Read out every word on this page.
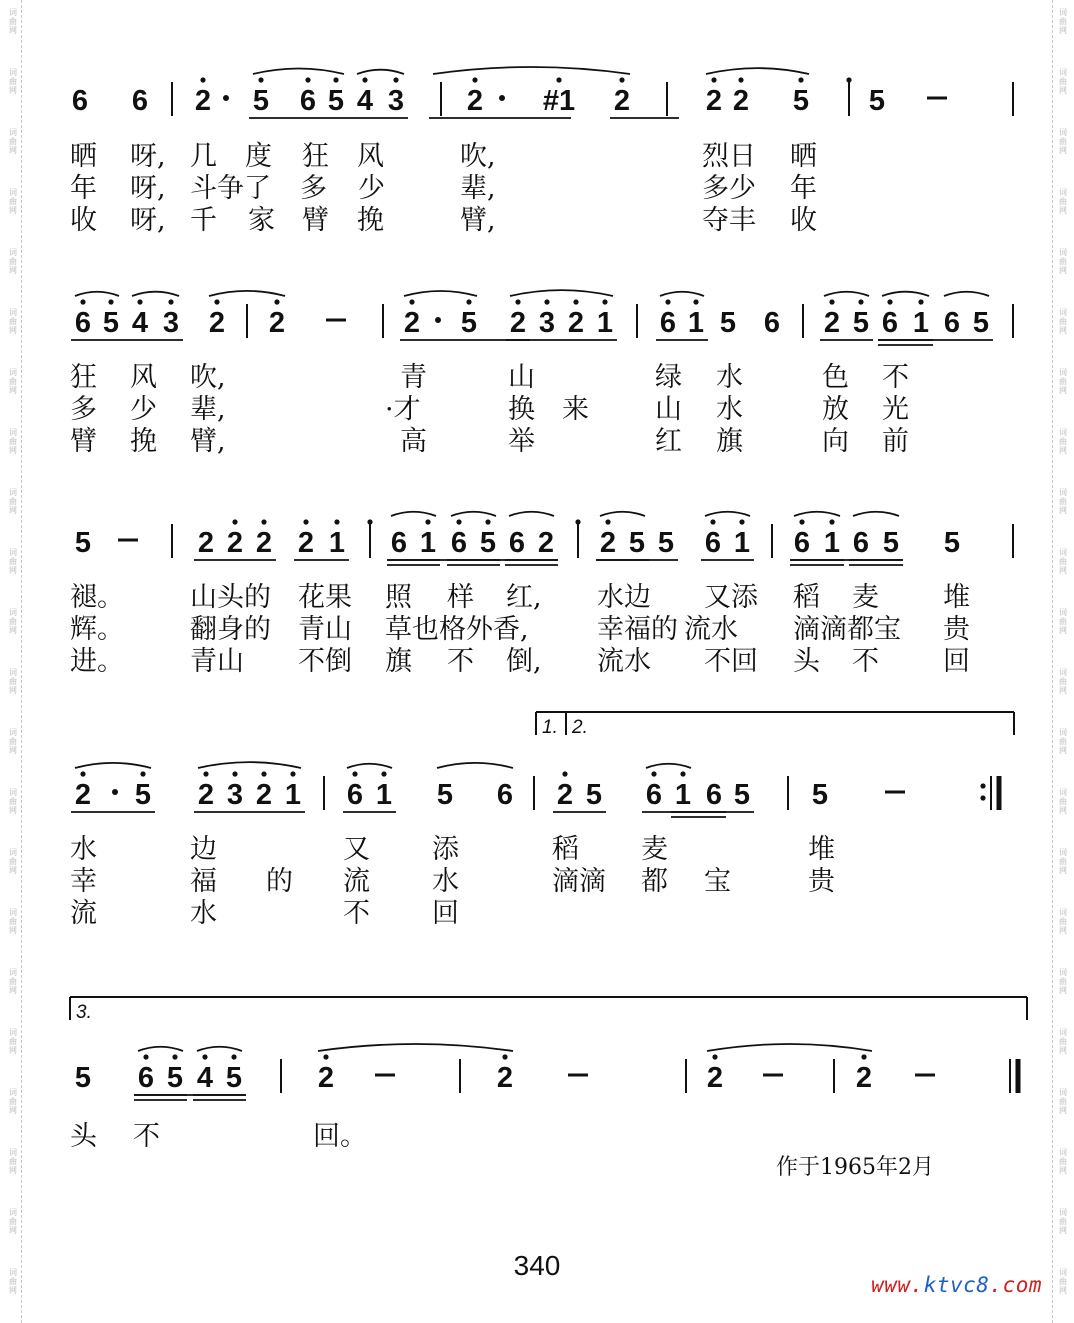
词
曲
网
词
曲
网
词
曲
网
词
曲
网
词
曲
网
词
曲
网
词
曲
网
词
曲
网
词
曲
网
词
曲
网
词
曲
网
词
曲
网
词
曲
网
词
曲
网
词
曲
网
词
曲
网
词
曲
网
词
曲
网
词
曲
网
词
曲
网
词
曲
网
词
曲
网
词
曲
网
词
曲
网
词
曲
网
词
曲
网
词
曲
网
词
曲
网
词
曲
网
词
曲
网
词
曲
网
词
曲
网
词
曲
网
词
曲
网
词
曲
网
词
曲
网
词
曲
网
词
曲
网
词
曲
网
词
曲
网
词
曲
网
词
曲
网
词
曲
网
词
曲
网
6 6 2 5 6 5 4 3 2 #1 2	2 2 5 5
6 5 4 3 2 2	2 5 2 3 2 1 6 1 5 6 2 5 6 1 6 5
5	2 2 2 2 1 6 1 6 5 6 2 2 5 5 6 1 6 1 6 5 5
2 5 2 3 2 1 6 1 5 6 2 5 6 1 6 5 5
5 6 5 4 5	2	2	2	2
1. 2.
3.
晒 呀, 几 度 狂 风	吹,	烈日 晒
年 呀, 斗争了 多 少	辈,	多少 年
收 呀, 千 家 臂 挽	臂,	夺丰 收
狂 风 吹,	青	山	绿 水	色 不
多 少 辈,	·才	换 来 山 水	放 光
臂 挽 臂,	高	举	红 旗	向 前
褪。 山头的 花果 照 样 红, 水边 又添 稻 麦 堆
辉。 翻身的 青山 草也格外香,	幸福的 流水 滴滴都宝 贵
进。 青山 不倒 旗 不 倒, 流水 不回 头 不 回
水	边	又 添	稻 麦	堆
幸	福 的 流 水	滴滴 都 宝	贵
流	水	不 回
头 不	回。
作于1965年2月
340
www.ktvc8.com
